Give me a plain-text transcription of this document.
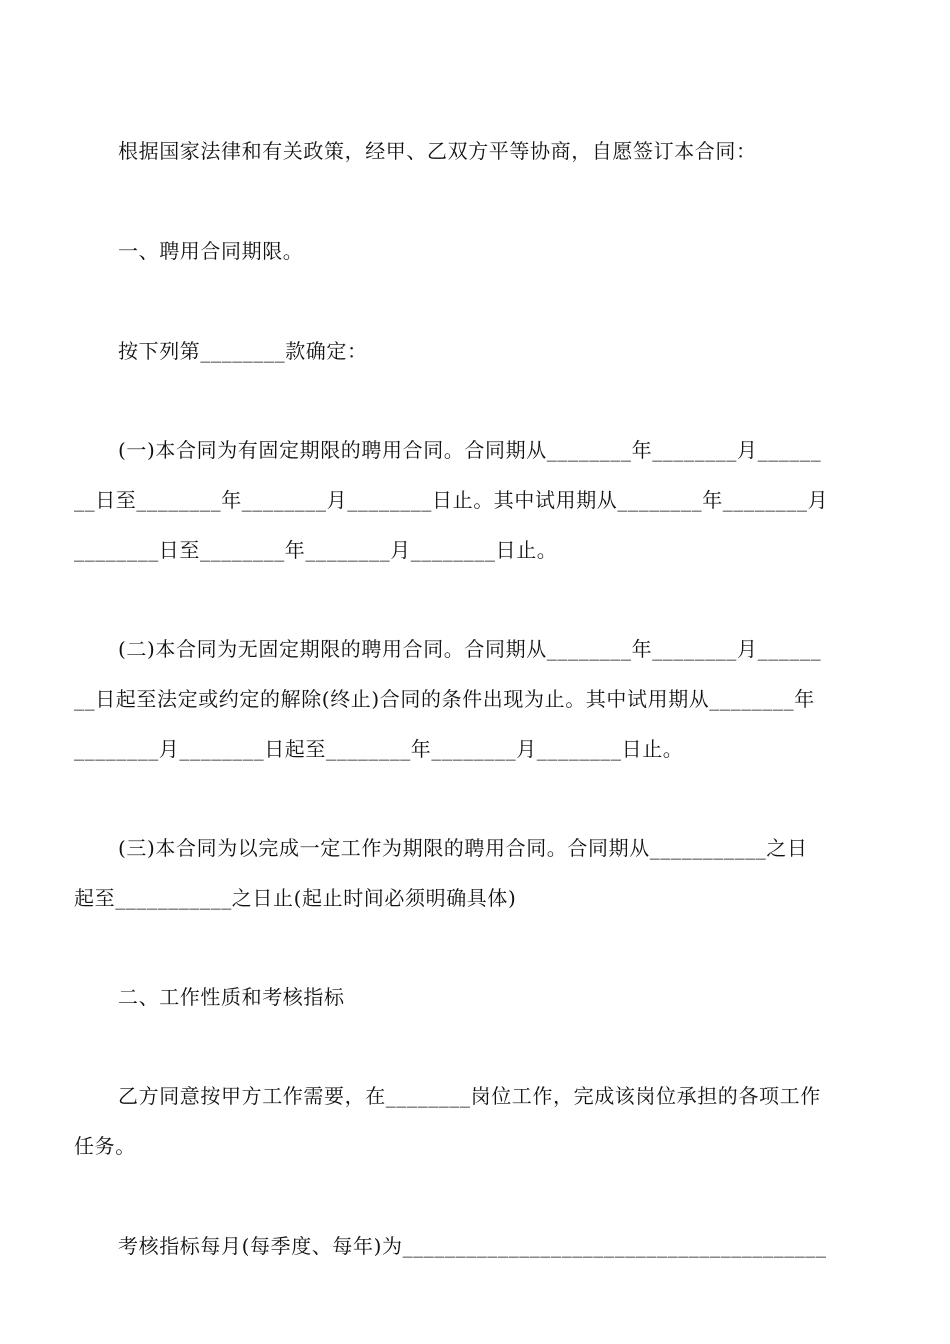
根据国家法律和有关政策，经甲、乙双方平等协商，自愿签订本合同：
一、聘用合同期限。
按下列第________款确定：
(一)本合同为有固定期限的聘用合同。合同期从________年________月______
__日至________年________月________日止。其中试用期从________年________月
________日至________年________月________日止。
(二)本合同为无固定期限的聘用合同。合同期从________年________月______
__日起至法定或约定的解除(终止)合同的条件出现为止。其中试用期从________年
________月________日起至________年________月________日止。
(三)本合同为以完成一定工作为期限的聘用合同。合同期从___________之日
起至___________之日止(起止时间必须明确具体)
二、工作性质和考核指标
乙方同意按甲方工作需要，在________岗位工作，完成该岗位承担的各项工作
任务。
考核指标每月(每季度、每年)为________________________________________
